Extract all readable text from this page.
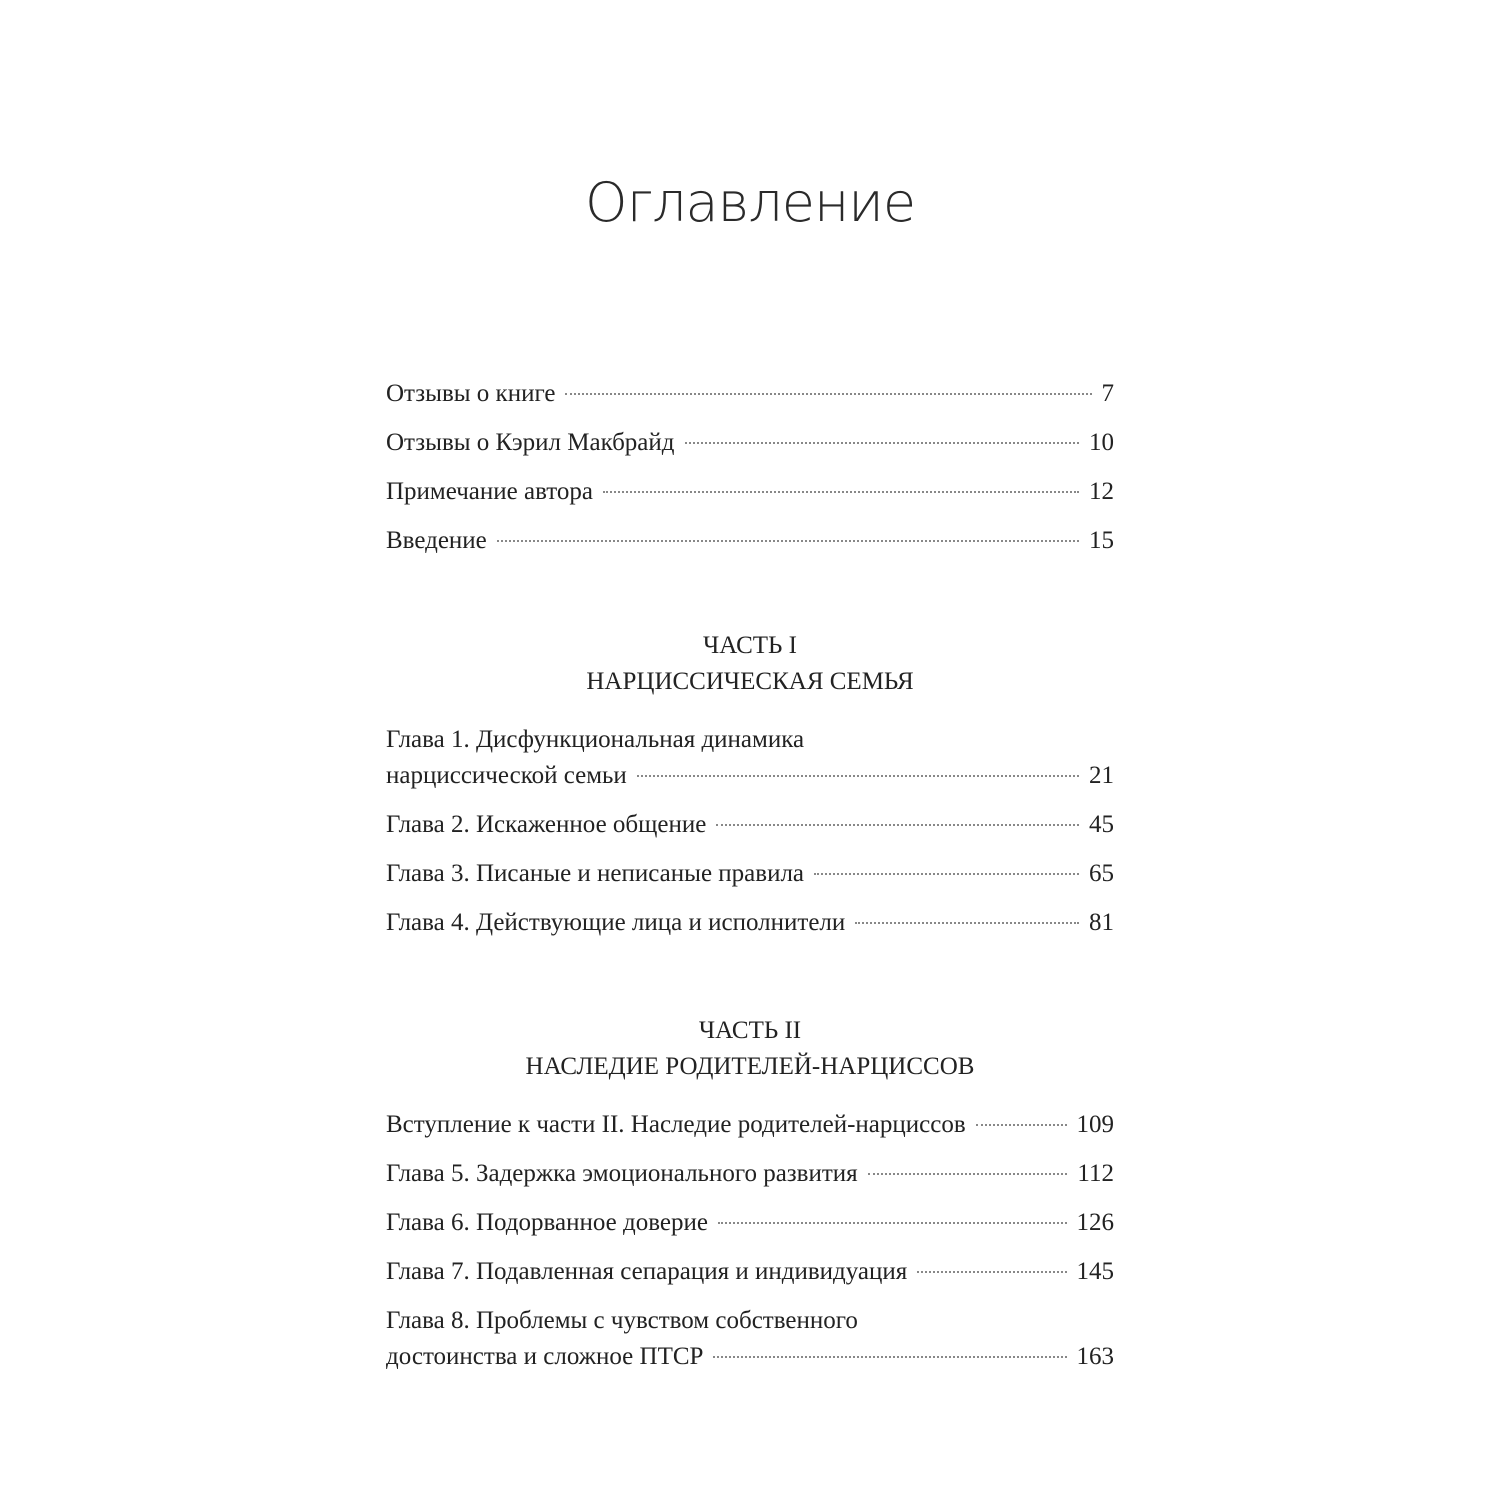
Оглавление
Отзывы о книге	7
Отзывы о Кэрил Макбрайд	10
Примечание автора	12
Введение	15

ЧАСТЬ I

НАРЦИССИЧЕСКАЯ СЕМЬЯ

Глава 1. Дисфункциональная динамика
нарциссической семьи	21
Глава 2. Искаженное общение	45
Глава 3. Писаные и неписаные правила	65
Глава 4. Действующие лица и исполнители	81

ЧАСТЬ II

НАСЛЕДИЕ РОДИТЕЛЕЙ-НАРЦИССОВ

Вступление к части II. Наследие родителей-нарциссов	109
Глава 5. Задержка эмоционального развития	112
Глава 6. Подорванное доверие	126
Глава 7. Подавленная сепарация и индивидуация	145
Глава 8. Проблемы с чувством собственного
достоинства и сложное ПТСР	163
